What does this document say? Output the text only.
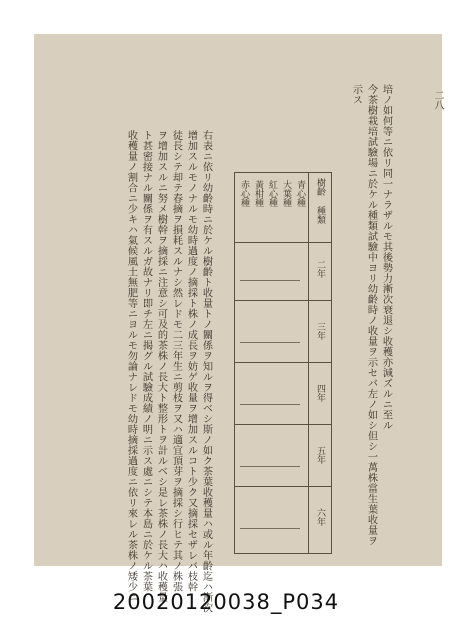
二八
培ノ如何等ニ依リ同一ナラザルモ其後勢力漸次衰退シ收穫亦減ズルニ至ル
今茶樹栽培試驗場ニ於ケル種類試驗中ヨリ幼齡時ノ收量ヲ示セバ左ノ如シ但シ一萬株當生葉收量ヲ
示ス
樹齡
種類
二年
三年
四年
五年
六年
青心種
大葉種
紅心種
黃柑種
赤心種
右表ニ依リ幼齡時ニ於ケル樹齡ト收量トノ關係ヲ知ルヲ得ベシ斯ノ如ク茶葉收穫量ハ或ル年齡迄ハ漸次
增加スルモノナルモ幼時過度ノ摘採ト株ノ成長ヲ妨ゲ收量ヲ增加スルコト少ク又摘採セザレバ枝幹
徒長シテ却テ春摘ヲ損耗スルナシ然レドモ二三年生ニ剪枝ヲ又ハ適宜頂芽ヲ摘採シ行ヒテ其ノ株張
ヲ增加スルニ努メ樹幹ヲ摘採ニ注意シ可及的茶株ノ長大ト整形トヲ計ルベシ是レ茶株ノ長大ハ收穫量
ト甚密接ナル關係ヲ有スルガ故ナリ即チ左ニ揭グル試驗成績ノ明ニ示ス處ニシテ本島ニ於ケル茶葉
收穫量ノ割合ニ少キハ氣候風土無肥等ニヨルモ勿論ナレドモ幼時摘採過度ニ依リ來レル茶株ノ矮少ニ
20020120038_P034
